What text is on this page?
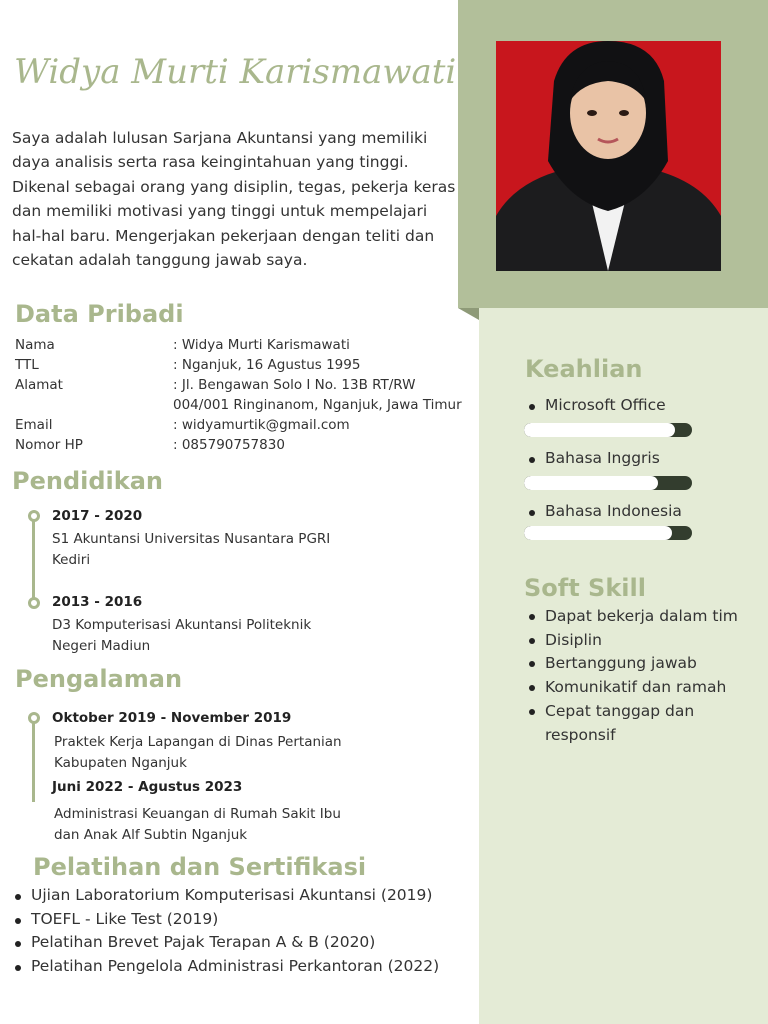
Widya Murti Karismawati

Saya adalah lulusan Sarjana Akuntansi yang memiliki daya analisis serta rasa keingintahuan yang tinggi. Dikenal sebagai orang yang disiplin, tegas, pekerja keras dan memiliki motivasi yang tinggi untuk mempelajari hal-hal baru. Mengerjakan pekerjaan dengan teliti dan cekatan adalah tanggung jawab saya.

Data Pribadi
Nama	: Widya Murti Karismawati
TTL	: Nganjuk, 16 Agustus 1995
Alamat	: Jl. Bengawan Solo I No. 13B RT/RW
004/001 Ringinanom, Nganjuk, Jawa Timur
Email	: widyamurtik@gmail.com
Nomor HP	: 085790757830
Pendidikan
2017 - 2020
S1 Akuntansi Universitas Nusantara PGRI
Kediri
2013 - 2016
D3 Komputerisasi Akuntansi Politeknik
Negeri Madiun
Pengalaman
Oktober 2019 - November 2019
Praktek Kerja Lapangan di Dinas Pertanian
Kabupaten Nganjuk
Juni 2022 - Agustus 2023
Administrasi Keuangan di Rumah Sakit Ibu
dan Anak Alf Subtin Nganjuk
Pelatihan dan Sertifikasi
Ujian Laboratorium Komputerisasi Akuntansi (2019)
TOEFL - Like Test (2019)
Pelatihan Brevet Pajak Terapan A & B (2020)
Pelatihan Pengelola Administrasi Perkantoran (2022)
Keahlian
Microsoft Office
Bahasa Inggris
Bahasa Indonesia
Soft Skill
Dapat bekerja dalam tim
Disiplin
Bertanggung jawab
Komunikatif dan ramah
Cepat tanggap dan responsif
